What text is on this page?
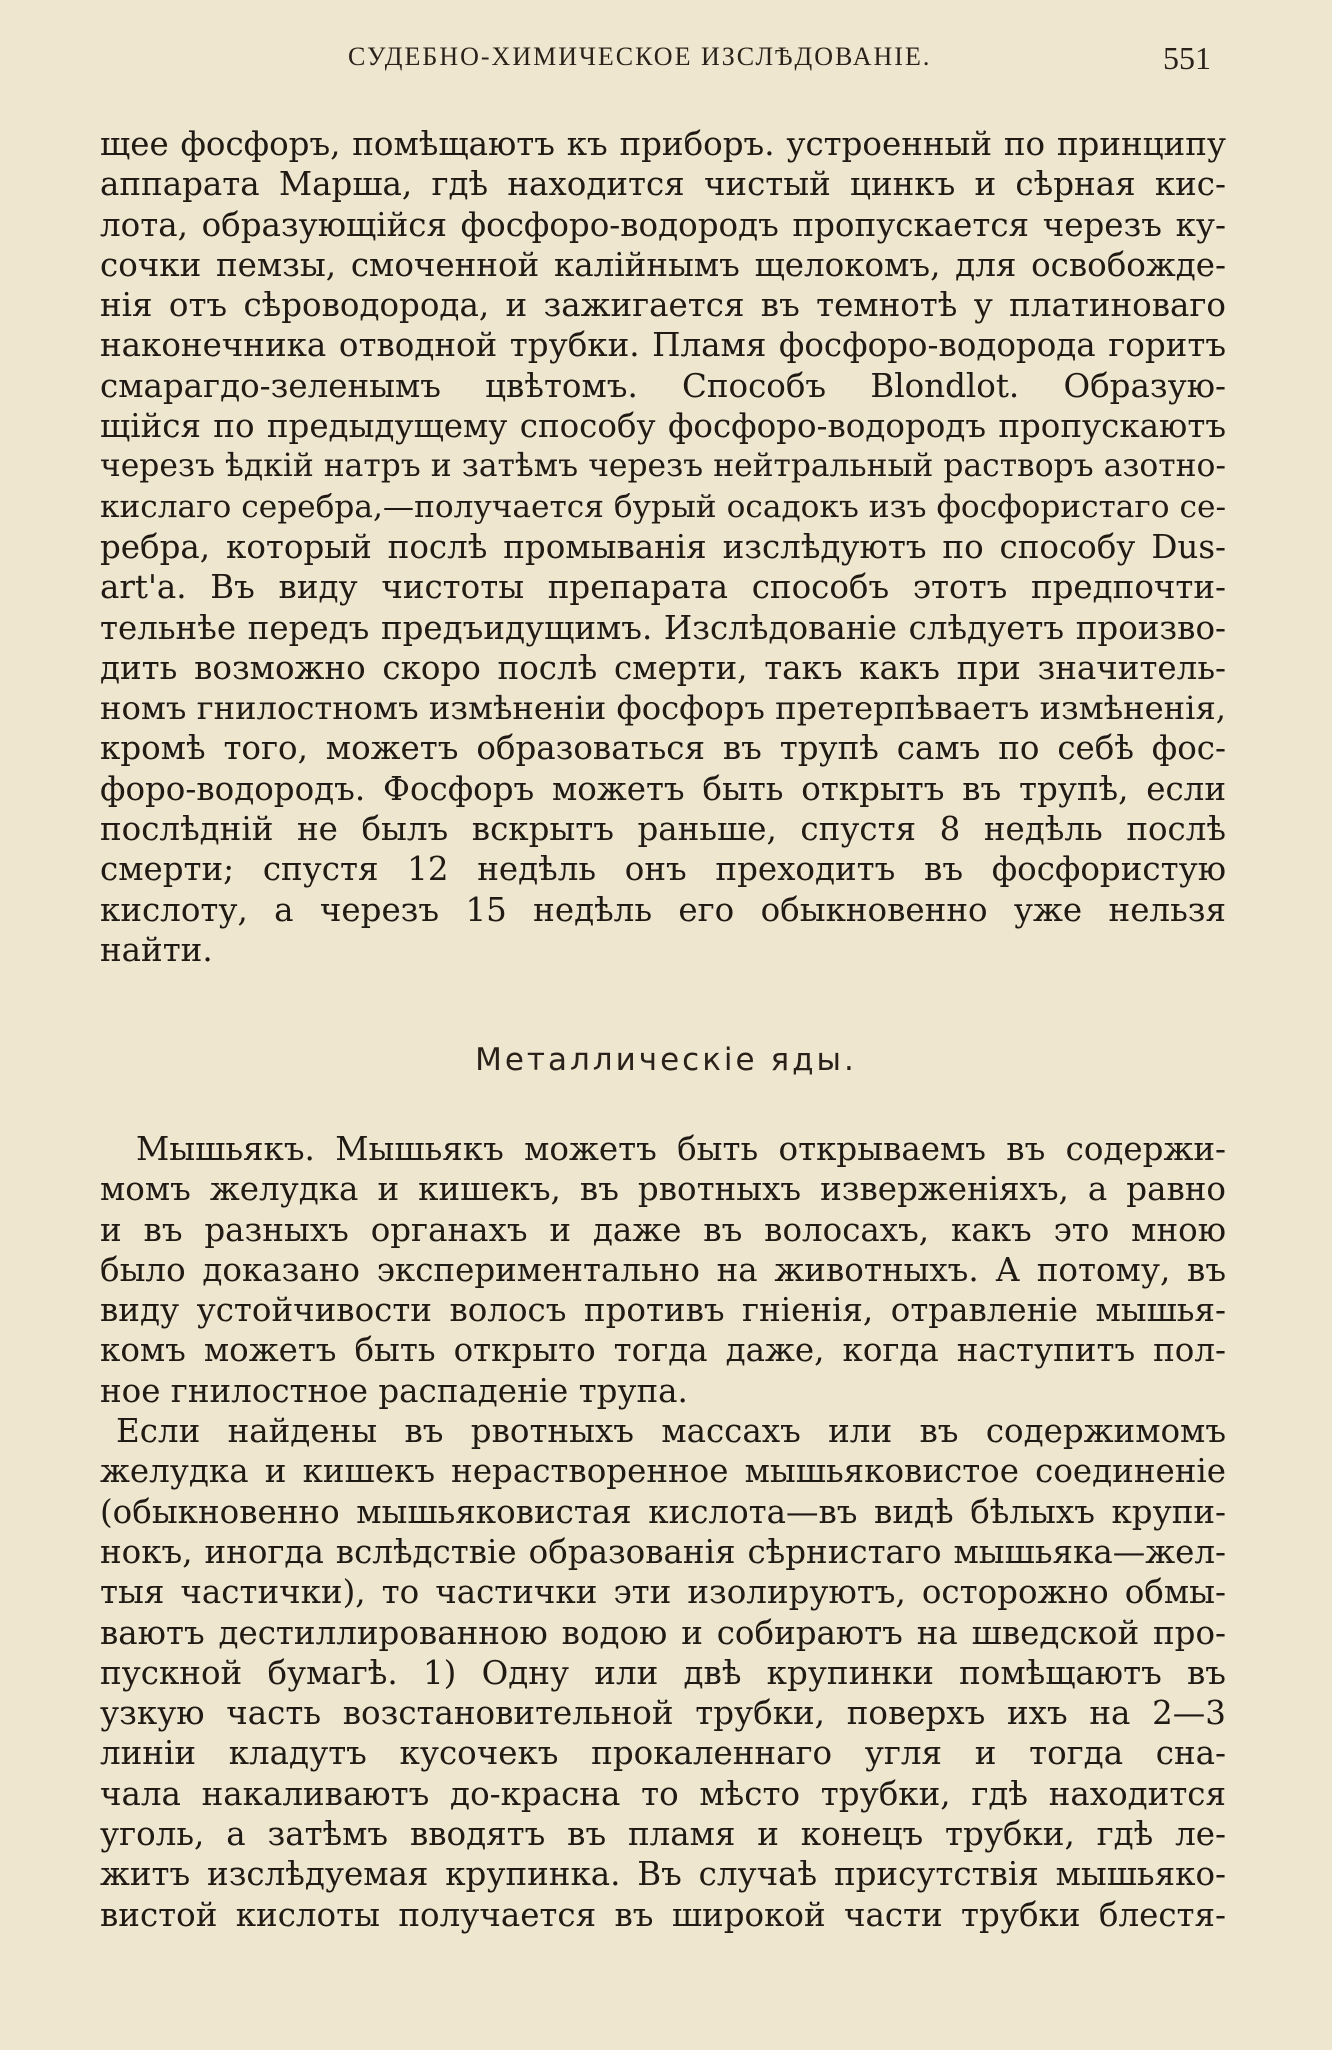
СУДЕБНО-ХИМИЧЕСКОЕ ИЗСЛѢДОВАНІЕ.	551
щее фосфоръ, помѣщаютъ къ приборъ. устроенный по принципу
аппарата Марша, гдѣ находится чистый цинкъ и сѣрная кис-
лота, образующійся фосфоро-водородъ пропускается черезъ ку-
сочки пемзы, смоченной калійнымъ щелокомъ, для освобожде-
нія отъ сѣроводорода, и зажигается въ темнотѣ у платиноваго
наконечника отводной трубки. Пламя фосфоро-водорода горитъ
смарагдо-зеленымъ цвѣтомъ. Способъ Blondlot. Образую-
щійся по предыдущему способу фосфоро-водородъ пропускаютъ
черезъ ѣдкій натръ и затѣмъ черезъ нейтральный растворъ азотно-
кислаго серебра,—получается бурый осадокъ изъ фосфористаго се-
ребра, который послѣ промыванія изслѣдуютъ по способу Dus-
art'a. Въ виду чистоты препарата способъ этотъ предпочти-
тельнѣе передъ предъидущимъ. Изслѣдованіе слѣдуетъ произво-
дить возможно скоро послѣ смерти, такъ какъ при значитель-
номъ гнилостномъ измѣненіи фосфоръ претерпѣваетъ измѣненія,
кромѣ того, можетъ образоваться въ трупѣ самъ по себѣ фос-
форо-водородъ. Фосфоръ можетъ быть открытъ въ трупѣ, если
послѣдній не былъ вскрытъ раньше, спустя 8 недѣль послѣ
смерти; спустя 12 недѣль онъ преходитъ въ фосфористую
кислоту, а черезъ 15 недѣль его обыкновенно уже нельзя
найти.
Металлическіе яды.
Мышьякъ. Мышьякъ можетъ быть открываемъ въ содержи-
момъ желудка и кишекъ, въ рвотныхъ изверженіяхъ, а равно
и въ разныхъ органахъ и даже въ волосахъ, какъ это мною
было доказано экспериментально на животныхъ. А потому, въ
виду устойчивости волосъ противъ гніенія, отравленіе мышья-
комъ можетъ быть открыто тогда даже, когда наступитъ пол-
ное гнилостное распаденіе трупа.
Если найдены въ рвотныхъ массахъ или въ содержимомъ
желудка и кишекъ нерастворенное мышьяковистое соединеніе
(обыкновенно мышьяковистая кислота—въ видѣ бѣлыхъ крупи-
нокъ, иногда вслѣдствіе образованія сѣрнистаго мышьяка—жел-
тыя частички), то частички эти изолируютъ, осторожно обмы-
ваютъ дестиллированною водою и собираютъ на шведской про-
пускной бумагѣ. 1) Одну или двѣ крупинки помѣщаютъ въ
узкую часть возстановительной трубки, поверхъ ихъ на 2—3
линіи кладутъ кусочекъ прокаленнаго угля и тогда сна-
чала накаливаютъ до-красна то мѣсто трубки, гдѣ находится
уголь, а затѣмъ вводятъ въ пламя и конецъ трубки, гдѣ ле-
житъ изслѣдуемая крупинка. Въ случаѣ присутствія мышьяко-
вистой кислоты получается въ широкой части трубки блестя-
